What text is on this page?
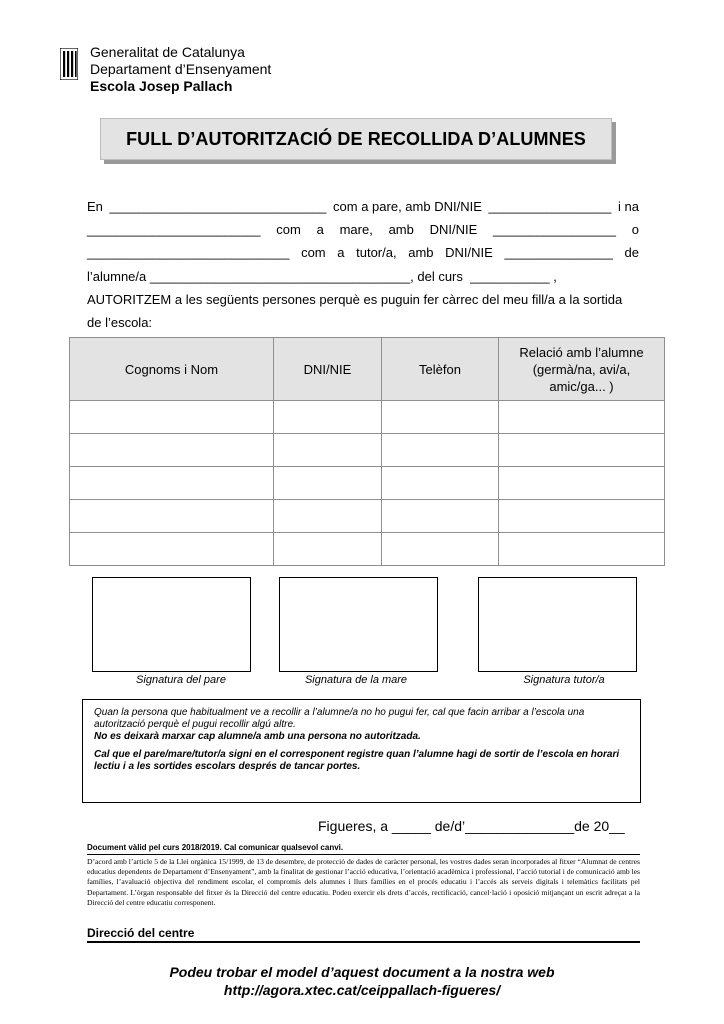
Generalitat de Catalunya
Departament d’Ensenyament
Escola Josep Pallach
FULL D’AUTORITZACIÓ DE RECOLLIDA D’ALUMNES
En ______________________________ com a pare, amb DNI/NIE _________________ i na
________________________ com a mare, amb DNI/NIE _________________ o
____________________________ com a tutor/a, amb DNI/NIE _______________ de
l’alumne/a ____________________________________, del curs  ___________ ,
AUTORITZEM a les següents persones perquè es puguin fer càrrec del meu fill/a a la sortida
de l’escola:
Cognoms i Nom	DNI/NIE	Telèfon	Relació amb l’alumne
(germà/na, avi/a,
amic/ga... )

Signatura del pare	Signatura de la mare	Signatura tutor/a

Quan la persona que habitualment ve a recollir a l’alumne/a no ho pugui fer, cal que facin arribar a l’escola una autorització perquè el pugui recollir algú altre.

No es deixarà marxar cap alumne/a amb una persona no autoritzada.

Cal que el pare/mare/tutor/a signi en el corresponent registre quan l’alumne hagi de sortir de l’escola en horari lectiu i a les sortides escolars després de tancar portes.

Figueres, a _____ de/d’______________de 20__
Document vàlid pel curs 2018/2019. Cal comunicar qualsevol canvi.

D’acord amb l’article 5 de la Llei orgànica 15/1999, de 13 de desembre, de protecció de dades de caràcter personal, les vostres dades seran incorporades al fitxer “Alumnat de centres educatius dependents de Departament d’Ensenyament”, amb la finalitat de gestionar l’acció educativa, l’orientació acadèmica i professional, l’acció tutorial i de comunicació amb les famílies, l’avaluació objectiva del rendiment escolar, el compromís dels alumnes i llurs famílies en el procés educatiu i l’accés als serveis digitals i telemàtics facilitats pel Departament. L’òrgan responsable del fitxer és la Direcció del centre educatiu. Podeu exercir els drets d’accés, rectificació, cancel·lació i oposició mitjançant un escrit adreçat a la Direcció del centre educatiu corresponent.

Direcció del centre
Podeu trobar el model d’aquest document a la nostra web
http://agora.xtec.cat/ceippallach-figueres/
